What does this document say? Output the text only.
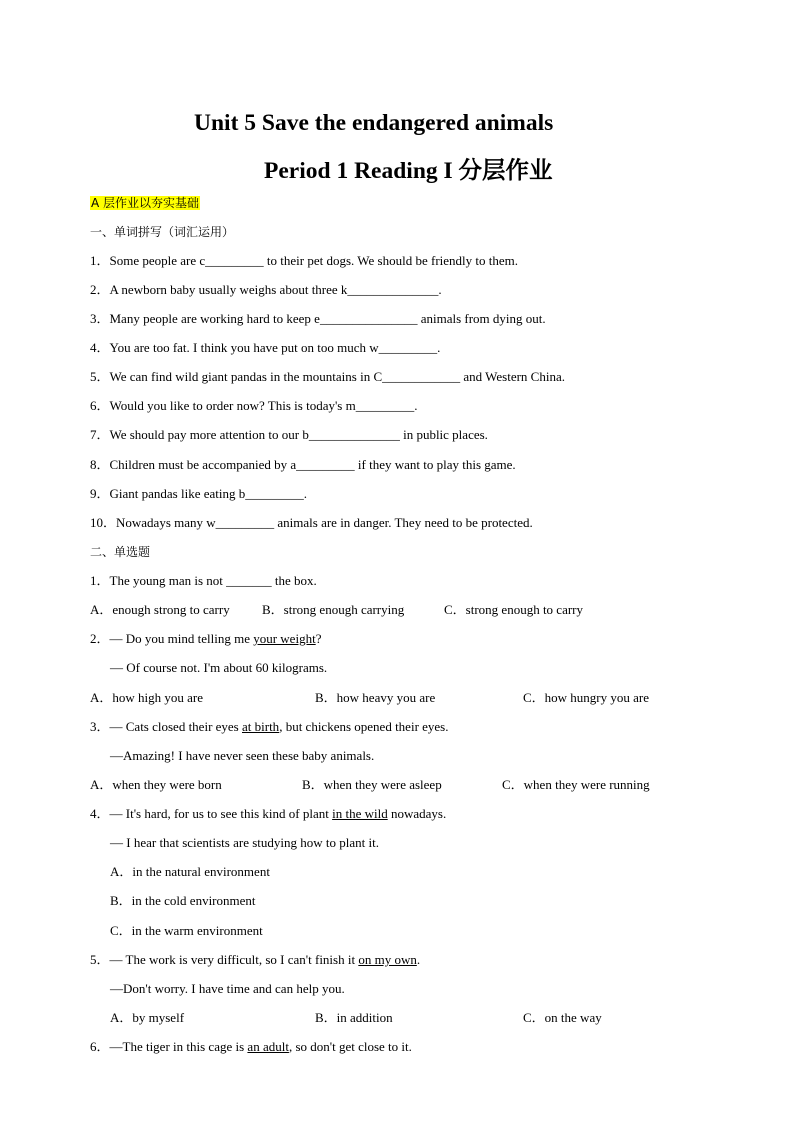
Unit 5 Save the endangered animals
Period 1 Reading I 分层作业
A 层作业以夯实基础
一、单词拼写（词汇运用）
1．Some people are c_________ to their pet dogs. We should be friendly to them.
2．A newborn baby usually weighs about three k______________.
3．Many people are working hard to keep e_______________ animals from dying out.
4．You are too fat. I think you have put on too much w_________.
5．We can find wild giant pandas in the mountains in C____________ and Western China.
6．Would you like to order now? This is today's m_________.
7．We should pay more attention to our b______________ in public places.
8．Children must be accompanied by a_________ if they want to play this game.
9．Giant pandas like eating b_________.
10．Nowadays many w_________ animals are in danger. They need to be protected.
二、单选题
1．The young man is not _______ the box.
A．enough strong to carry B．strong enough carrying	C．strong enough to carry
2．— Do you mind telling me your weight?
— Of course not. I'm about 60 kilograms.
A．how high you are	B．how heavy you are	C．how hungry you are
3．— Cats closed their eyes at birth, but chickens opened their eyes.
—Amazing! I have never seen these baby animals.
A．when they were born	B．when they were asleep	C．when they were running
4．— It's hard, for us to see this kind of plant in the wild nowadays.
— I hear that scientists are studying how to plant it.
A．in the natural environment
B．in the cold environment
C．in the warm environment
5．— The work is very difficult, so I can't finish it on my own.
—Don't worry. I have time and can help you.
A．by myself	B．in addition	C．on the way
6．—The tiger in this cage is an adult, so don't get close to it.
